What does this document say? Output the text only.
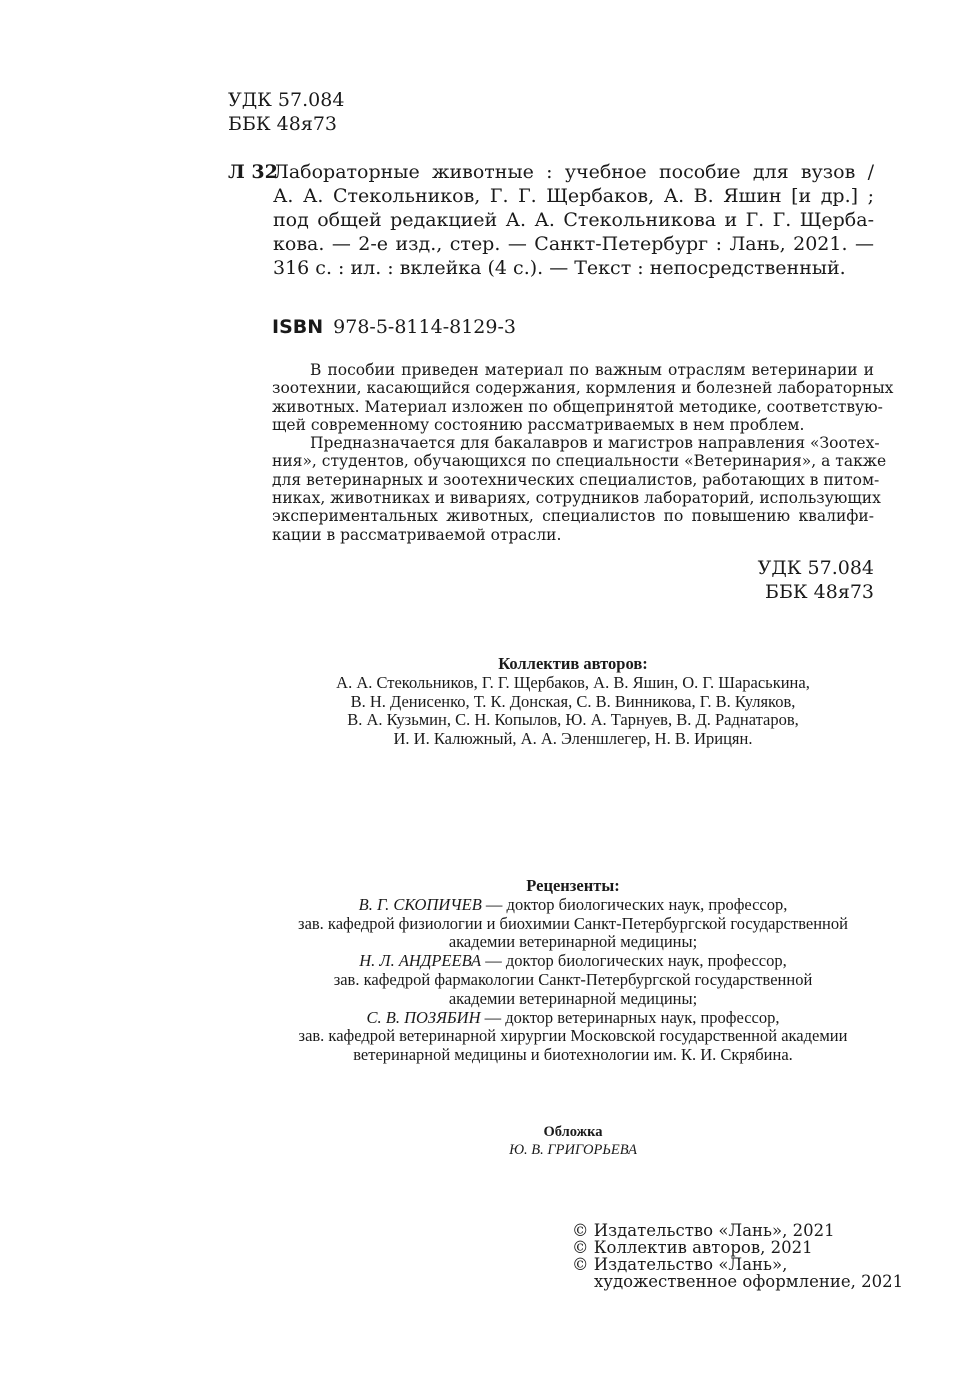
УДК 57.084
ББК 48я73
Л 32
Лабораторные животные : учебное пособие для вузов /
А. А. Стекольников, Г. Г. Щербаков, А. В. Яшин [и др.] ;
под общей редакцией А. А. Стекольникова и Г. Г. Щерба-
кова. — 2-е изд., стер. — Санкт-Петербург : Лань, 2021. —
316 с. : ил. : вклейка (4 с.). — Текст : непосредственный.
ISBN 978-5-8114-8129-3
В пособии приведен материал по важным отраслям ветеринарии и
зоотехнии, касающийся содержания, кормления и болезней лабораторных
животных. Материал изложен по общепринятой методике, соответствую-
щей современному состоянию рассматриваемых в нем проблем.
Предназначается для бакалавров и магистров направления «Зоотех-
ния», студентов, обучающихся по специальности «Ветеринария», а также
для ветеринарных и зоотехнических специалистов, работающих в питом-
никах, животниках и вивариях, сотрудников лабораторий, использующих
экспериментальных животных, специалистов по повышению квалифи-
кации в рассматриваемой отрасли.
УДК 57.084
ББК 48я73
Коллектив авторов:
А. А. Стекольников, Г. Г. Щербаков, А. В. Яшин, О. Г. Шараськина,
В. Н. Денисенко, Т. К. Донская, С. В. Винникова, Г. В. Куляков,
В. А. Кузьмин, С. Н. Копылов, Ю. А. Тарнуев, В. Д. Раднатаров,
И. И. Калюжный, А. А. Эленшлегер, Н. В. Ирицян.
Рецензенты:
В. Г. СКОПИЧЕВ — доктор биологических наук, профессор,
зав. кафедрой физиологии и биохимии Санкт-Петербургской государственной
академии ветеринарной медицины;
Н. Л. АНДРЕЕВА — доктор биологических наук, профессор,
зав. кафедрой фармакологии Санкт-Петербургской государственной
академии ветеринарной медицины;
С. В. ПОЗЯБИН — доктор ветеринарных наук, профессор,
зав. кафедрой ветеринарной хирургии Московской государственной академии
ветеринарной медицины и биотехнологии им. К. И. Скрябина.
Обложка
Ю. В. ГРИГОРЬЕВА
© Издательство «Лань», 2021
© Коллектив авторов, 2021
© Издательство «Лань»,
художественное оформление, 2021
